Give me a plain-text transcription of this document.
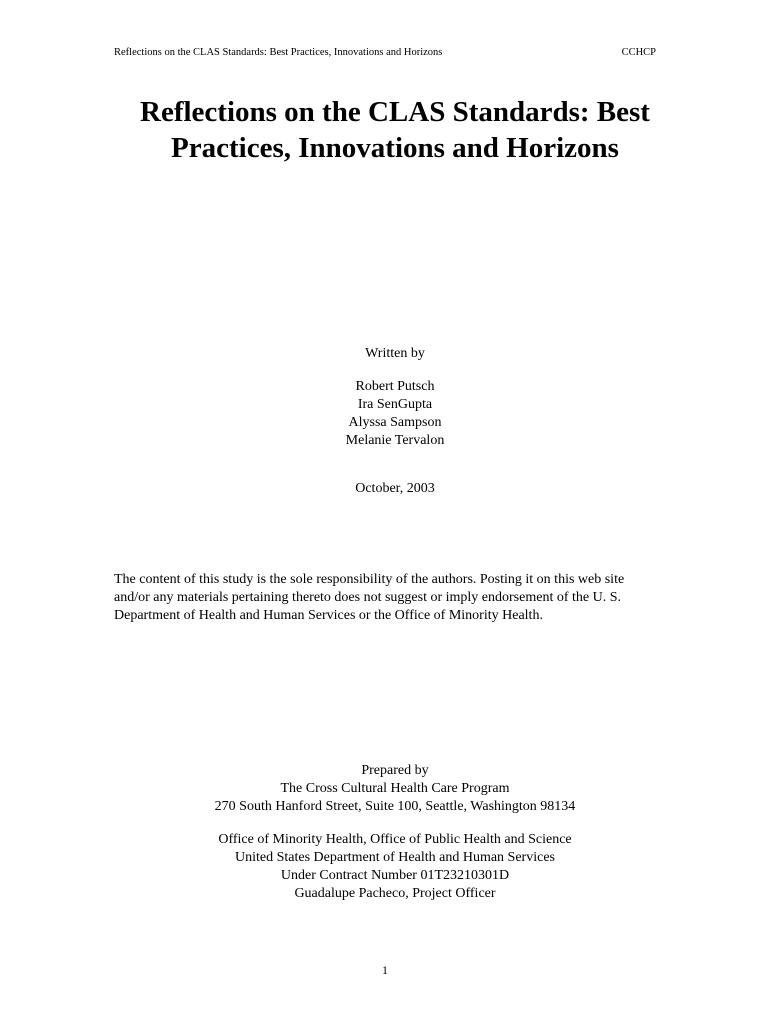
Reflections on the CLAS Standards: Best Practices, Innovations and Horizons	CCHCP
Reflections on the CLAS Standards: Best
Practices, Innovations and Horizons
Written by
Robert Putsch
Ira SenGupta
Alyssa Sampson
Melanie Tervalon
October, 2003
The content of this study is the sole responsibility of the authors. Posting it on this web site
and/or any materials pertaining thereto does not suggest or imply endorsement of the U. S.
Department of Health and Human Services or the Office of Minority Health.
Prepared by
The Cross Cultural Health Care Program
270 South Hanford Street, Suite 100, Seattle, Washington 98134
Office of Minority Health, Office of Public Health and Science
United States Department of Health and Human Services
Under Contract Number 01T23210301D
Guadalupe Pacheco, Project Officer
1
